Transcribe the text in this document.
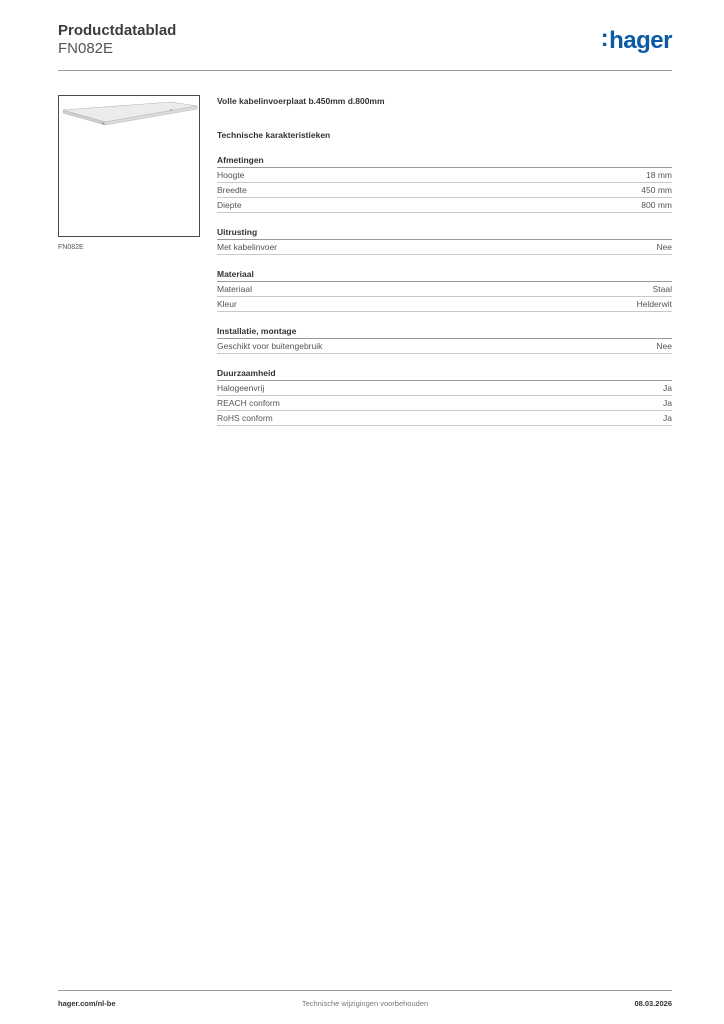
Productdatablad
FN082E	:hager
FN082E
Volle kabelinvoerplaat b.450mm d.800mm
Technische karakteristieken
Afmetingen
Hoogte	18 mm
Breedte	450 mm
Diepte	800 mm
Uitrusting
Met kabelinvoer	Nee
Materiaal
Materiaal	Staal
Kleur	Helderwit
Installatie, montage
Geschikt voor buitengebruik	Nee
Duurzaamheid
Halogeenvrij	Ja
REACH conform	Ja
RoHS conform	Ja
hager.com/nl-be	Technische wijzigingen voorbehouden	08.03.2026
